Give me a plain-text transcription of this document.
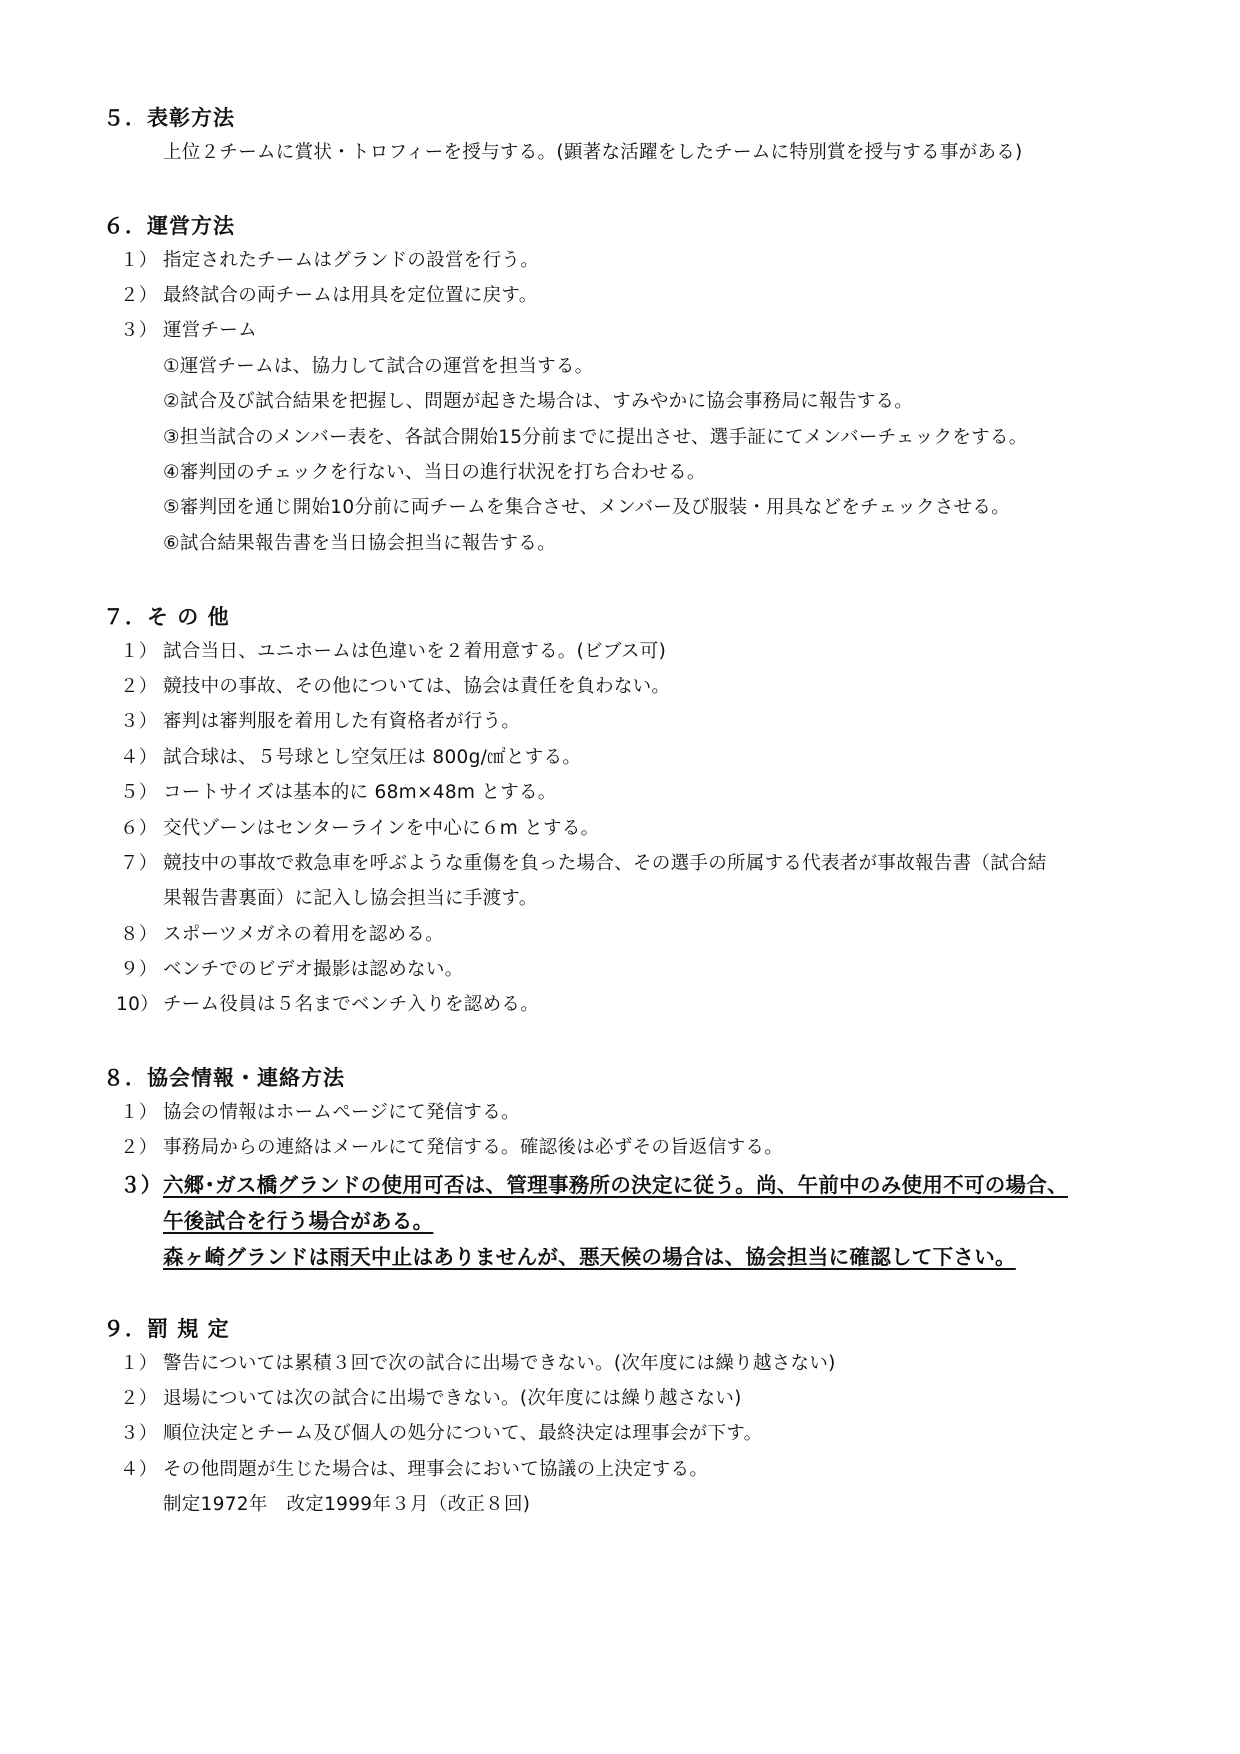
５．表彰方法
上位２チームに賞状・トロフィーを授与する。(顕著な活躍をしたチームに特別賞を授与する事がある)
６．運営方法
１） 指定されたチームはグランドの設営を行う。
２） 最終試合の両チームは用具を定位置に戻す。
３） 運営チーム
①運営チームは、協力して試合の運営を担当する。
②試合及び試合結果を把握し、問題が起きた場合は、すみやかに協会事務局に報告する。
③担当試合のメンバー表を、各試合開始15分前までに提出させ、選手証にてメンバーチェックをする。
④審判団のチェックを行ない、当日の進行状況を打ち合わせる。
⑤審判団を通じ開始10分前に両チームを集合させ、メンバー及び服装・用具などをチェックさせる。
⑥試合結果報告書を当日協会担当に報告する。
７．そ の 他
１） 試合当日、ユニホームは色違いを２着用意する。(ビブス可)
２） 競技中の事故、その他については、協会は責任を負わない。
３） 審判は審判服を着用した有資格者が行う。
４） 試合球は、５号球とし空気圧は 800g/㎠とする。
５） コートサイズは基本的に 68m×48m とする。
６） 交代ゾーンはセンターラインを中心に６m とする。
７） 競技中の事故で救急車を呼ぶような重傷を負った場合、その選手の所属する代表者が事故報告書（試合結
果報告書裏面）に記入し協会担当に手渡す。
８） スポーツメガネの着用を認める。
９） ベンチでのビデオ撮影は認めない。
10） チーム役員は５名までベンチ入りを認める。
８．協会情報・連絡方法
１） 協会の情報はホームページにて発信する。
２） 事務局からの連絡はメールにて発信する。確認後は必ずその旨返信する。
３） 六郷･ガス橋グランドの使用可否は、管理事務所の決定に従う。尚、午前中のみ使用不可の場合、
午後試合を行う場合がある。
森ヶ崎グランドは雨天中止はありませんが、悪天候の場合は、協会担当に確認して下さい。
９．罰 規 定
１） 警告については累積３回で次の試合に出場できない。(次年度には繰り越さない)
２） 退場については次の試合に出場できない。(次年度には繰り越さない)
３） 順位決定とチーム及び個人の処分について、最終決定は理事会が下す。
４） その他問題が生じた場合は、理事会において協議の上決定する。
制定1972年　改定1999年３月（改正８回)
